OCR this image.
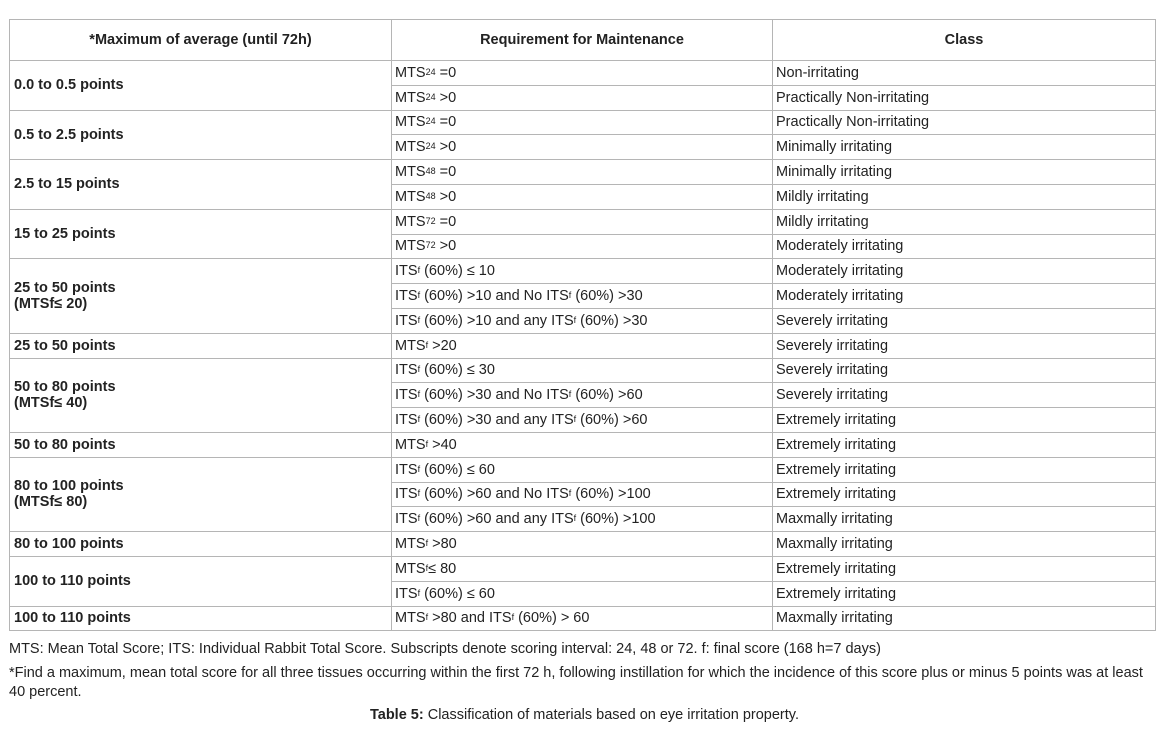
*Maximum of average (until 72h)	Requirement for Maintenance	Class

0.0 to 0.5 points	$MTS^{24} =0$	Non-irritating
	$MTS^{24} >0$	Practically Non-irritating

0.5 to 2.5 points	$MTS^{24} =0$	Practically Non-irritating
	$MTS^{24} >0$	Minimally irritating

2.5 to 15 points	$MTS^{48} =0$	Minimally irritating
	$MTS^{48} >0$	Mildly irritating

15 to 25 points	$MTS^{72} =0$	Mildly irritating
	$MTS^{72} >0$	Moderately irritating

25 to 50 points
(MTSf≤ 20)	ITS$^f$ (60%) ≤ 10	Moderately irritating
	ITS$^f$ (60%) >10 and No ITS$^f$ (60%) >30	Moderately irritating
	ITS$^f$ (60%) >10 and any ITS$^f$ (60%) >30	Severely irritating

25 to 50 points	$MTS^f >20$	Severely irritating

50 to 80 points
(MTSf≤ 40)	ITS$^f$ (60%) ≤ 30	Severely irritating
	ITS$^f$ (60%) >30 and No ITS$^f$ (60%) >60	Severely irritating
	ITS$^f$ (60%) >30 and any ITS$^f$ (60%) >60	Extremely irritating

50 to 80 points	$MTS^f >40$	Extremely irritating

80 to 100 points
(MTSf≤ 80)	ITS$^f$ (60%) ≤ 60	Extremely irritating
	ITS$^f$ (60%) >60 and No ITS$^f$ (60%) >100	Extremely irritating
	ITS$^f$ (60%) >60 and any ITS$^f$ (60%) >100	Maxmally irritating

80 to 100 points	$MTS^f >80$	Maxmally irritating

100 to 110 points	$MTS^f\le 80$	Extremely irritating
	ITS$^f$ (60%) ≤ 60	Extremely irritating

100 to 110 points	$MTS^f >80$ and ITS$^f$ (60%) > 60	Maxmally irritating

MTS: Mean Total Score; ITS: Individual Rabbit Total Score. Subscripts denote scoring interval: 24, 48 or 72. f: final score (168 h=7 days)

*Find a maximum, mean total score for all three tissues occurring within the first 72 h, following instillation for which the incidence of this score plus or minus 5 points was at least 40 percent.

Table 5: Classification of materials based on eye irritation property.
